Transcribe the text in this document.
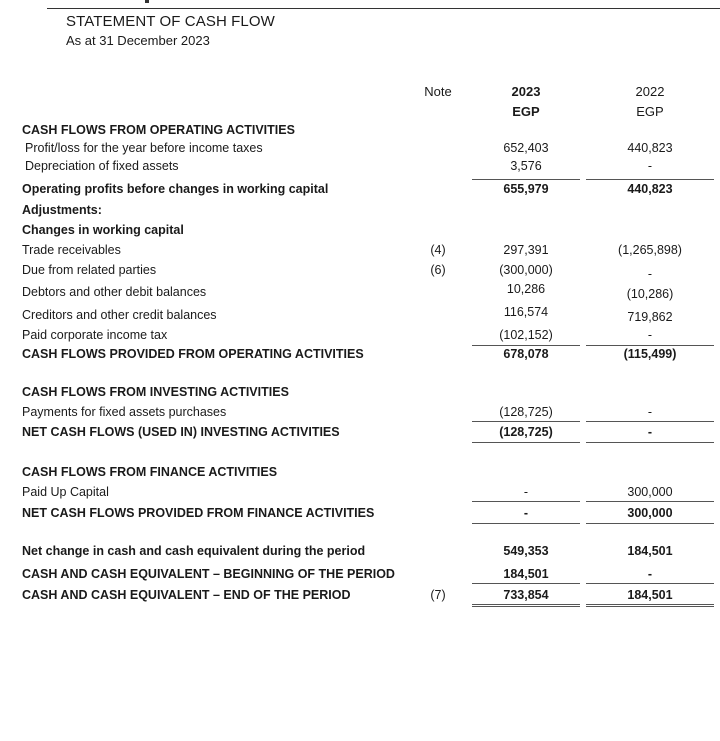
STATEMENT OF CASH FLOW
As at 31 December 2023
Note	2023	2022
EGP	EGP
CASH FLOWS FROM OPERATING ACTIVITIES
Profit/loss for the year before income taxes	652,403	440,823
Depreciation of fixed assets	3,576	-
Operating profits before changes in working capital	655,979	440,823
Adjustments:
Changes in working capital
Trade receivables	(4)	297,391	(1,265,898)
Due from related parties	(6)	(300,000)	-
Debtors and other debit balances	10,286	(10,286)
Creditors and other credit balances	116,574	719,862
Paid corporate income tax	(102,152)	-
CASH FLOWS PROVIDED FROM OPERATING ACTIVITIES	678,078	(115,499)
CASH FLOWS FROM INVESTING ACTIVITIES
Payments for fixed assets purchases	(128,725)	-
NET CASH FLOWS (USED IN) INVESTING ACTIVITIES	(128,725)	-
CASH FLOWS FROM FINANCE ACTIVITIES
Paid Up Capital	-	300,000
NET CASH FLOWS PROVIDED FROM FINANCE ACTIVITIES	-	300,000
Net change in cash and cash equivalent during the period	549,353	184,501
CASH AND CASH EQUIVALENT – BEGINNING OF THE PERIOD	184,501	-
CASH AND CASH EQUIVALENT – END OF THE PERIOD	(7)	733,854	184,501
